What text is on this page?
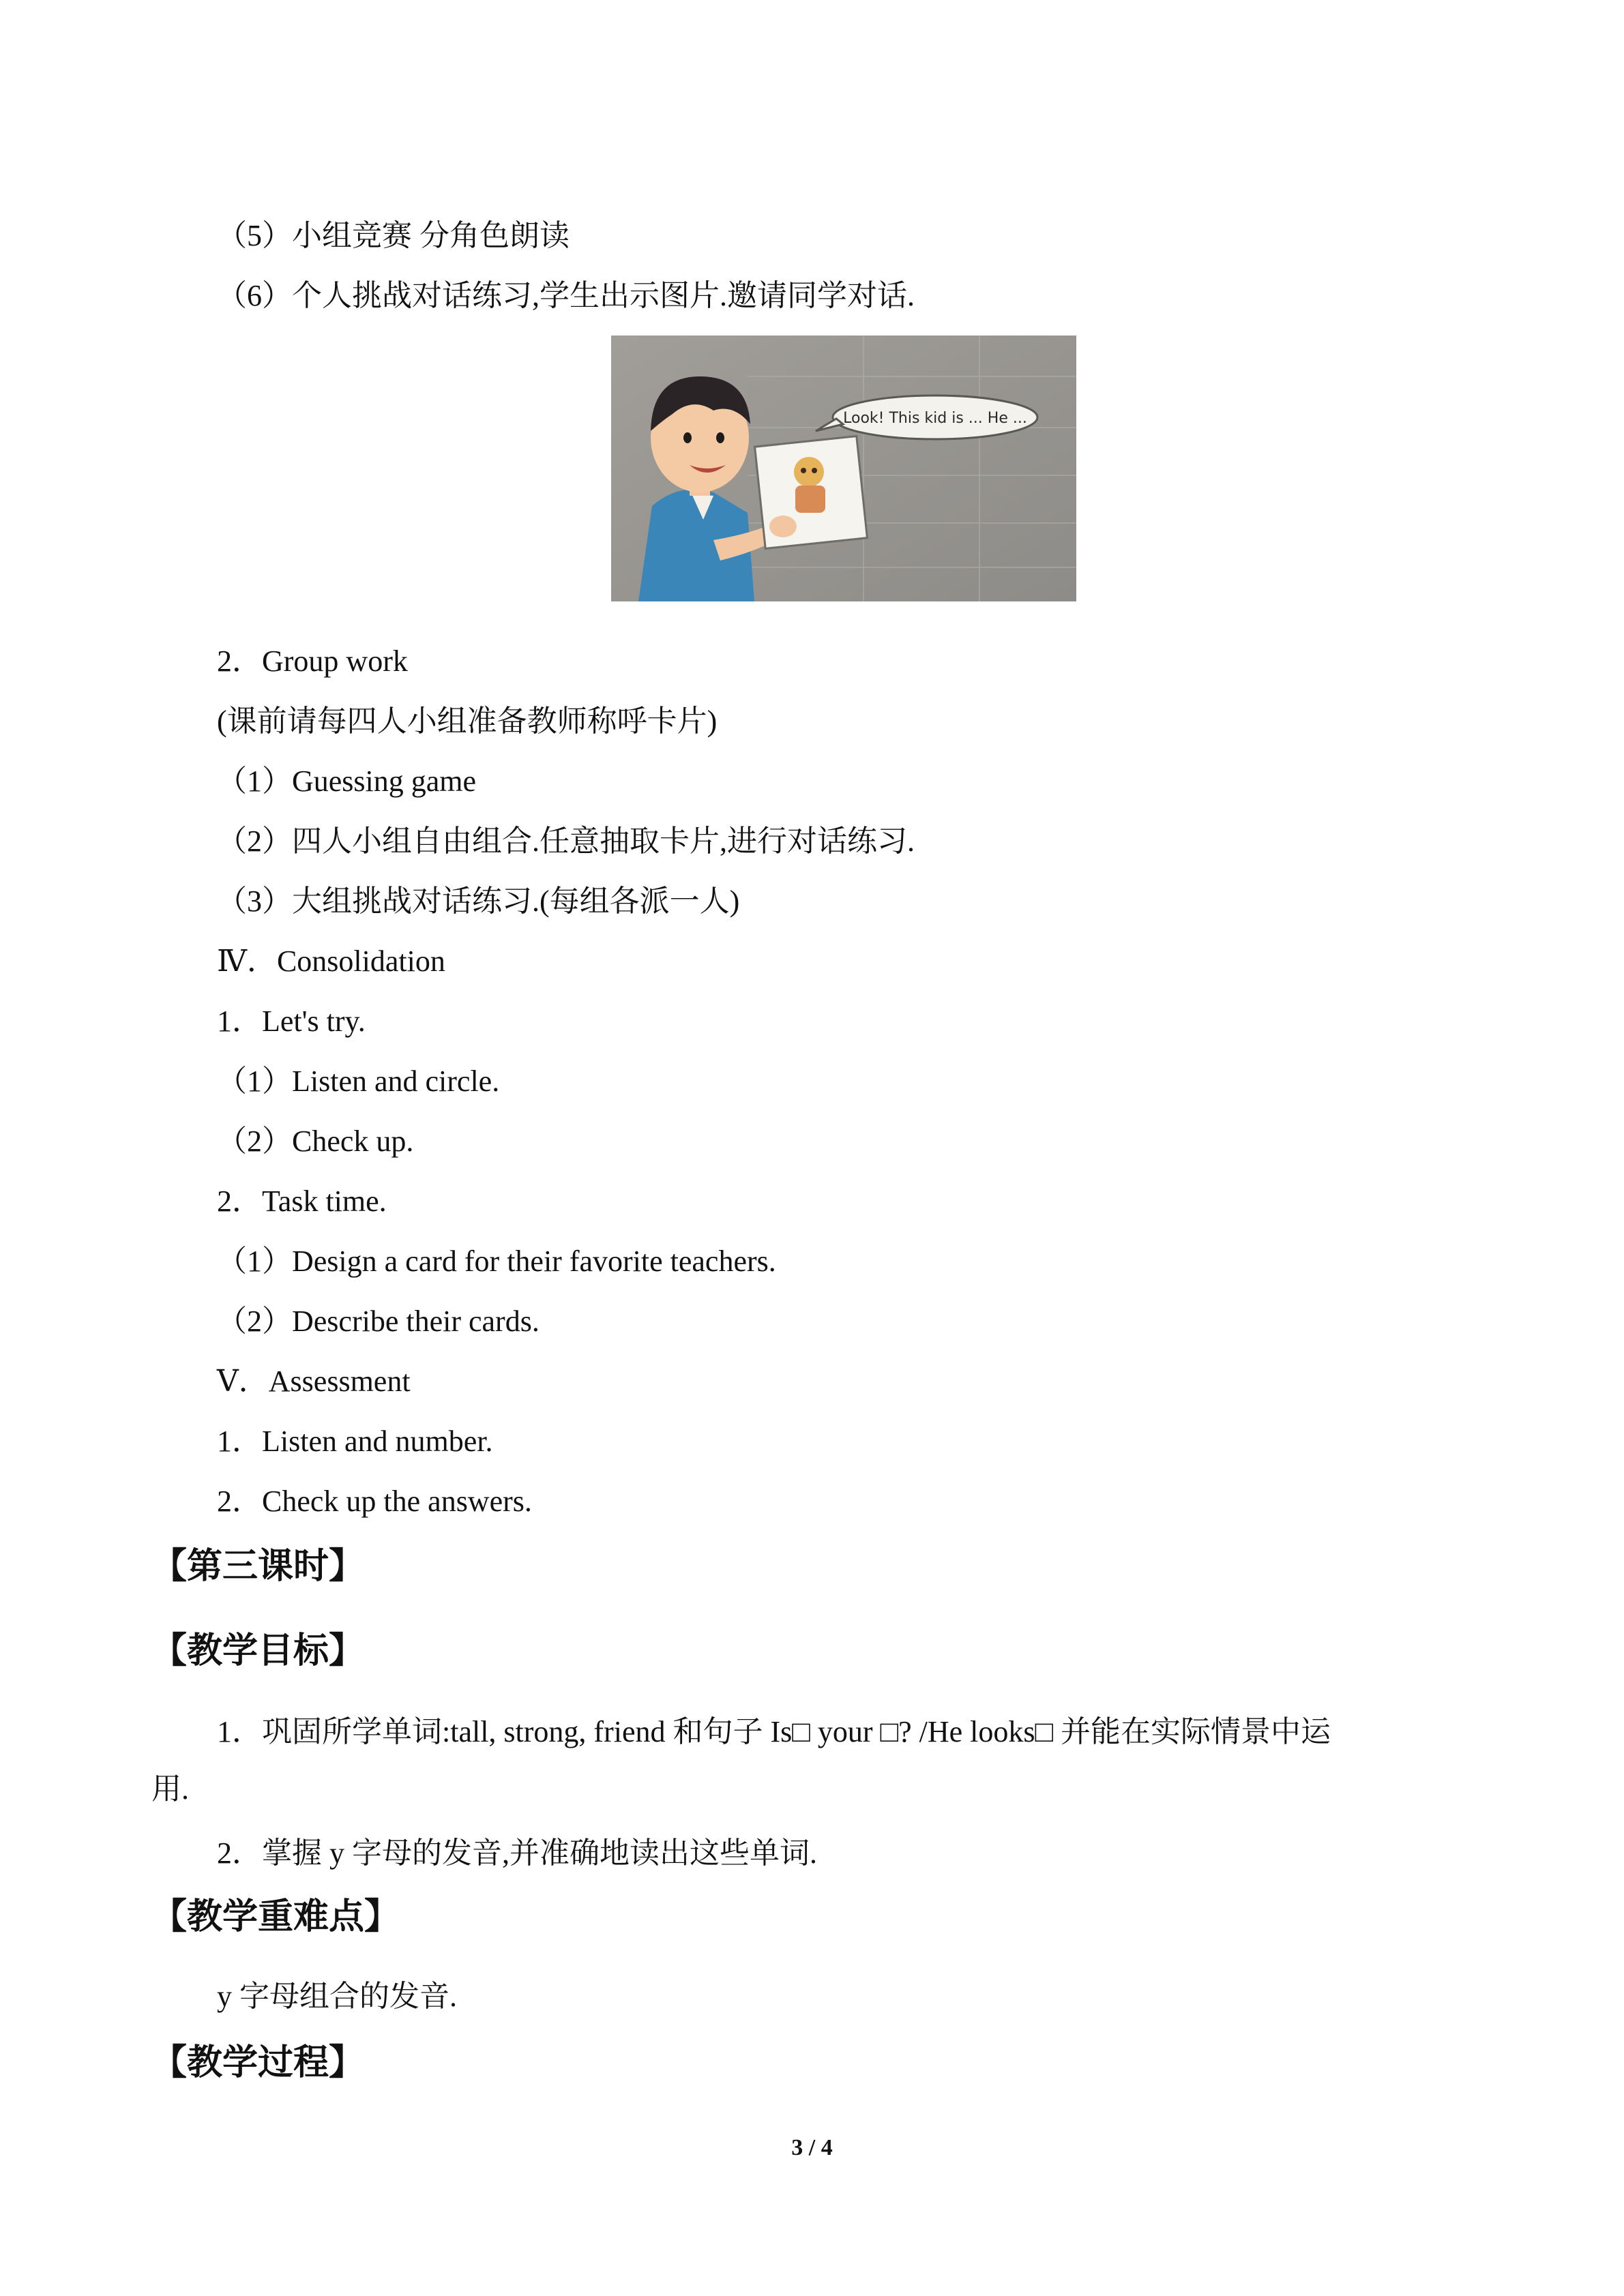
（5）小组竞赛 分角色朗读
（6）个人挑战对话练习,学生出示图片.邀请同学对话.
Look! This kid is ... He ...
2．Group work
(课前请每四人小组准备教师称呼卡片)
（1）Guessing game
（2）四人小组自由组合.任意抽取卡片,进行对话练习.
（3）大组挑战对话练习.(每组各派一人)
Ⅳ．Consolidation
1．Let's try.
（1）Listen and circle.
（2）Check up.
2．Task time.
（1）Design a card for their favorite teachers.
（2）Describe their cards.
Ⅴ．Assessment
1．Listen and number.
2．Check up the answers.
【第三课时】
【教学目标】
1．巩固所学单词:tall, strong, friend 和句子 Is□ your □? /He looks□ 并能在实际情景中运
用.
2．掌握 y 字母的发音,并准确地读出这些单词.
【教学重难点】
y 字母组合的发音.
【教学过程】
3 / 4
